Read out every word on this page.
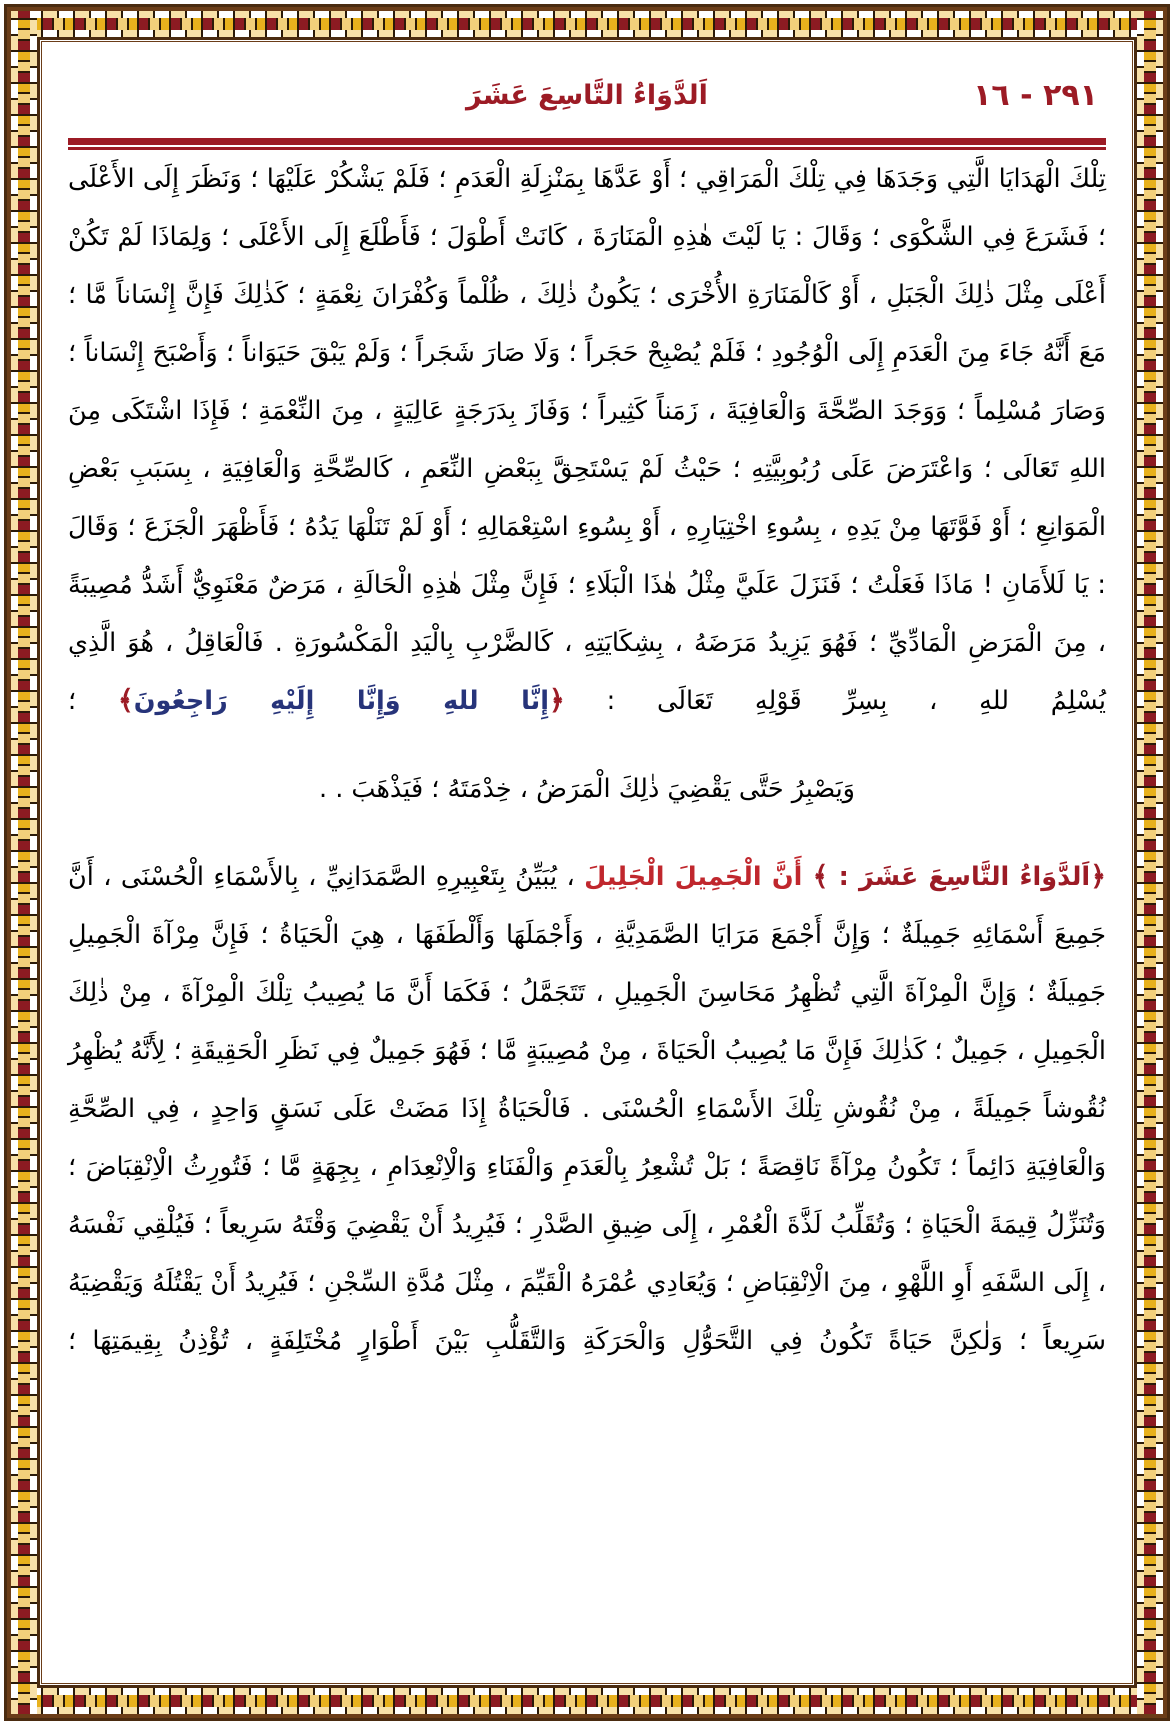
٢٩١ - ١٦
اَلدَّوَاءُ التَّاسِعَ عَشَرَ

تِلْكَ الْهَدَايَا الَّتِي وَجَدَهَا فِي تِلْكَ الْمَرَاقِي ؛ أَوْ عَدَّهَا بِمَنْزِلَةِ الْعَدَمِ ؛ فَلَمْ يَشْكُرْ عَلَيْهَا ؛ وَنَظَرَ إِلَى الأَعْلَى ؛ فَشَرَعَ فِي الشَّكْوَى ؛ وَقَالَ : يَا لَيْتَ هٰذِهِ الْمَنَارَةَ ، كَانَتْ أَطْوَلَ ؛ فَأَطْلَعَ إِلَى الأَعْلَى ؛ وَلِمَاذَا لَمْ تَكُنْ أَعْلَى مِثْلَ ذٰلِكَ الْجَبَلِ ، أَوْ كَالْمَنَارَةِ الأُخْرَى ؛ يَكُونُ ذٰلِكَ ، ظُلْماً وَكُفْرَانَ نِعْمَةٍ ؛ كَذٰلِكَ فَإِنَّ إِنْسَاناً مَّا ؛ مَعَ أَنَّهُ جَاءَ مِنَ الْعَدَمِ إِلَى الْوُجُودِ ؛ فَلَمْ يُصْبِحْ حَجَراً ؛ وَلَا صَارَ شَجَراً ؛ وَلَمْ يَبْقَ حَيَوَاناً ؛ وَأَصْبَحَ إِنْسَاناً ؛ وَصَارَ مُسْلِماً ؛ وَوَجَدَ الصِّحَّةَ وَالْعَافِيَةَ ، زَمَناً كَثِيراً ؛ وَفَازَ بِدَرَجَةٍ عَالِيَةٍ ، مِنَ النِّعْمَةِ ؛ فَإِذَا اشْتَكَى مِنَ اللهِ تَعَالَى ؛ وَاعْتَرَضَ عَلَى رُبُوبِيَّتِهِ ؛ حَيْثُ لَمْ يَسْتَحِقَّ بِبَعْضِ النِّعَمِ ، كَالصِّحَّةِ وَالْعَافِيَةِ ، بِسَبَبِ بَعْضِ الْمَوَانِعِ ؛ أَوْ فَوَّتَهَا مِنْ يَدِهِ ، بِسُوءِ اخْتِيَارِهِ ، أَوْ بِسُوءِ اسْتِعْمَالِهِ ؛ أَوْ لَمْ تَنَلْهَا يَدُهُ ؛ فَأَظْهَرَ الْجَزَعَ ؛ وَقَالَ : يَا لَلأَمَانِ ! مَاذَا فَعَلْتُ ؛ فَنَزَلَ عَلَيَّ مِثْلُ هٰذَا الْبَلَاءِ ؛ فَإِنَّ مِثْلَ هٰذِهِ الْحَالَةِ ، مَرَضٌ مَعْنَوِيٌّ أَشَدُّ مُصِيبَةً ، مِنَ الْمَرَضِ الْمَادِّيِّ ؛ فَهُوَ يَزِيدُ مَرَضَهُ ، بِشِكَايَتِهِ ، كَالضَّرْبِ بِالْيَدِ الْمَكْسُورَةِ . فَالْعَاقِلُ ، هُوَ الَّذِي يُسْلِمُ للهِ ، بِسِرِّ قَوْلِهِ تَعَالَى : ﴿إِنَّا للهِ وَإِنَّا إِلَيْهِ رَاجِعُونَ﴾ ؛

وَيَصْبِرُ حَتَّى يَقْضِيَ ذٰلِكَ الْمَرَضُ ، خِدْمَتَهُ ؛ فَيَذْهَبَ . .

﴿اَلدَّوَاءُ التَّاسِعَ عَشَرَ : ﴾ أَنَّ الْجَمِيلَ الْجَلِيلَ ، يُبَيِّنُ بِتَعْبِيرِهِ الصَّمَدَانِيِّ ، بِالأَسْمَاءِ الْحُسْنَى ، أَنَّ جَمِيعَ أَسْمَائِهِ جَمِيلَةٌ ؛ وَإِنَّ أَجْمَعَ مَرَايَا الصَّمَدِيَّةِ ، وَأَجْمَلَهَا وَأَلْطَفَهَا ، هِيَ الْحَيَاةُ ؛ فَإِنَّ مِرْآةَ الْجَمِيلِ جَمِيلَةٌ ؛ وَإِنَّ الْمِرْآةَ الَّتِي تُظْهِرُ مَحَاسِنَ الْجَمِيلِ ، تَتَجَمَّلُ ؛ فَكَمَا أَنَّ مَا يُصِيبُ تِلْكَ الْمِرْآةَ ، مِنْ ذٰلِكَ الْجَمِيلِ ، جَمِيلٌ ؛ كَذٰلِكَ فَإِنَّ مَا يُصِيبُ الْحَيَاةَ ، مِنْ مُصِيبَةٍ مَّا ؛ فَهُوَ جَمِيلٌ فِي نَظَرِ الْحَقِيقَةِ ؛ لِأَنَّهُ يُظْهِرُ نُقُوشاً جَمِيلَةً ، مِنْ نُقُوشِ تِلْكَ الأَسْمَاءِ الْحُسْنَى . فَالْحَيَاةُ إِذَا مَضَتْ عَلَى نَسَقٍ وَاحِدٍ ، فِي الصِّحَّةِ وَالْعَافِيَةِ دَائِماً ؛ تَكُونُ مِرْآةً نَاقِصَةً ؛ بَلْ تُشْعِرُ بِالْعَدَمِ وَالْفَنَاءِ وَالْاِنْعِدَامِ ، بِجِهَةٍ مَّا ؛ فَتُورِثُ الْاِنْقِبَاضَ ؛ وَتُنَزِّلُ قِيمَةَ الْحَيَاةِ ؛ وَتُقَلِّبُ لَذَّةَ الْعُمْرِ ، إِلَى ضِيقِ الصَّدْرِ ؛ فَيُرِيدُ أَنْ يَقْضِيَ وَقْتَهُ سَرِيعاً ؛ فَيُلْقِي نَفْسَهُ ، إِلَى السَّفَهِ أَوِ اللَّهْوِ ، مِنَ الْاِنْقِبَاضِ ؛ وَيُعَادِي عُمْرَهُ الْقَيِّمَ ، مِثْلَ مُدَّةِ السِّجْنِ ؛ فَيُرِيدُ أَنْ يَقْتُلَهُ وَيَقْضِيَهُ سَرِيعاً ؛ وَلٰكِنَّ حَيَاةً تَكُونُ فِي التَّحَوُّلِ وَالْحَرَكَةِ وَالتَّقَلُّبِ بَيْنَ أَطْوَارٍ مُخْتَلِفَةٍ ، تُؤْذِنُ بِقِيمَتِهَا ؛
